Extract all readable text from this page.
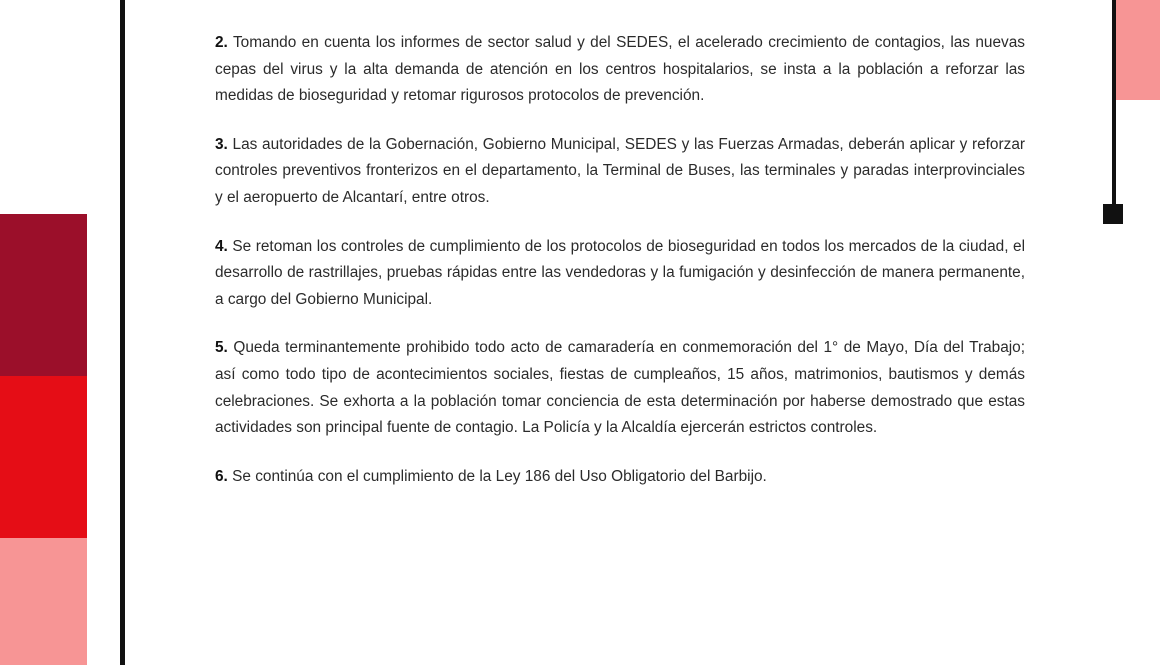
2. Tomando en cuenta los informes de sector salud y del SEDES, el acelerado crecimiento de contagios, las nuevas cepas del virus y la alta demanda de atención en los centros hospitalarios, se insta a la población a reforzar las medidas de bioseguridad y retomar rigurosos protocolos de prevención.

3. Las autoridades de la Gobernación, Gobierno Municipal, SEDES y las Fuerzas Armadas, deberán aplicar y reforzar controles preventivos fronterizos en el departamento, la Terminal de Buses, las terminales y paradas interprovinciales y el aeropuerto de Alcantarí, entre otros.

4. Se retoman los controles de cumplimiento de los protocolos de bioseguridad en todos los mercados de la ciudad, el desarrollo de rastrillajes, pruebas rápidas entre las vendedoras y la fumigación y desinfección de manera permanente, a cargo del Gobierno Municipal.

5. Queda terminantemente prohibido todo acto de camaradería en conmemoración del 1° de Mayo, Día del Trabajo; así como todo tipo de acontecimientos sociales, fiestas de cumpleaños, 15 años, matrimonios, bautismos y demás celebraciones. Se exhorta a la población tomar conciencia de esta determinación por haberse demostrado que estas actividades son principal fuente de contagio. La Policía y la Alcaldía ejercerán estrictos controles.

6. Se continúa con el cumplimiento de la Ley 186 del Uso Obligatorio del Barbijo.
